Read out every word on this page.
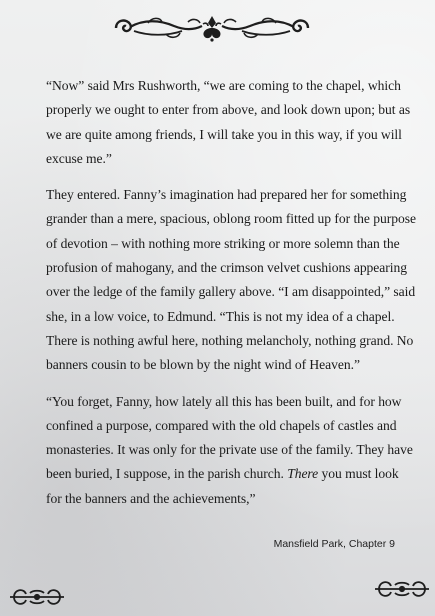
“Now” said Mrs Rushworth, “we are coming to the chapel, which properly we ought to enter from above, and look down upon; but as we are quite among friends, I will take you in this way, if you will excuse me.”

They entered. Fanny’s imagination had prepared her for something grander than a mere, spacious, oblong room fitted up for the purpose of devotion – with nothing more striking or more solemn than the profusion of mahogany, and the crimson velvet cushions appearing over the ledge of the family gallery above. “I am disappointed,” said she, in a low voice, to Edmund. “This is not my idea of a chapel. There is nothing awful here, nothing melancholy, nothing grand. No banners cousin to be blown by the night wind of Heaven.”

“You forget, Fanny, how lately all this has been built, and for how confined a purpose, compared with the old chapels of castles and monasteries. It was only for the private use of the family. They have been buried, I suppose, in the parish church. There you must look for the banners and the achievements,”

Mansfield Park, Chapter 9
